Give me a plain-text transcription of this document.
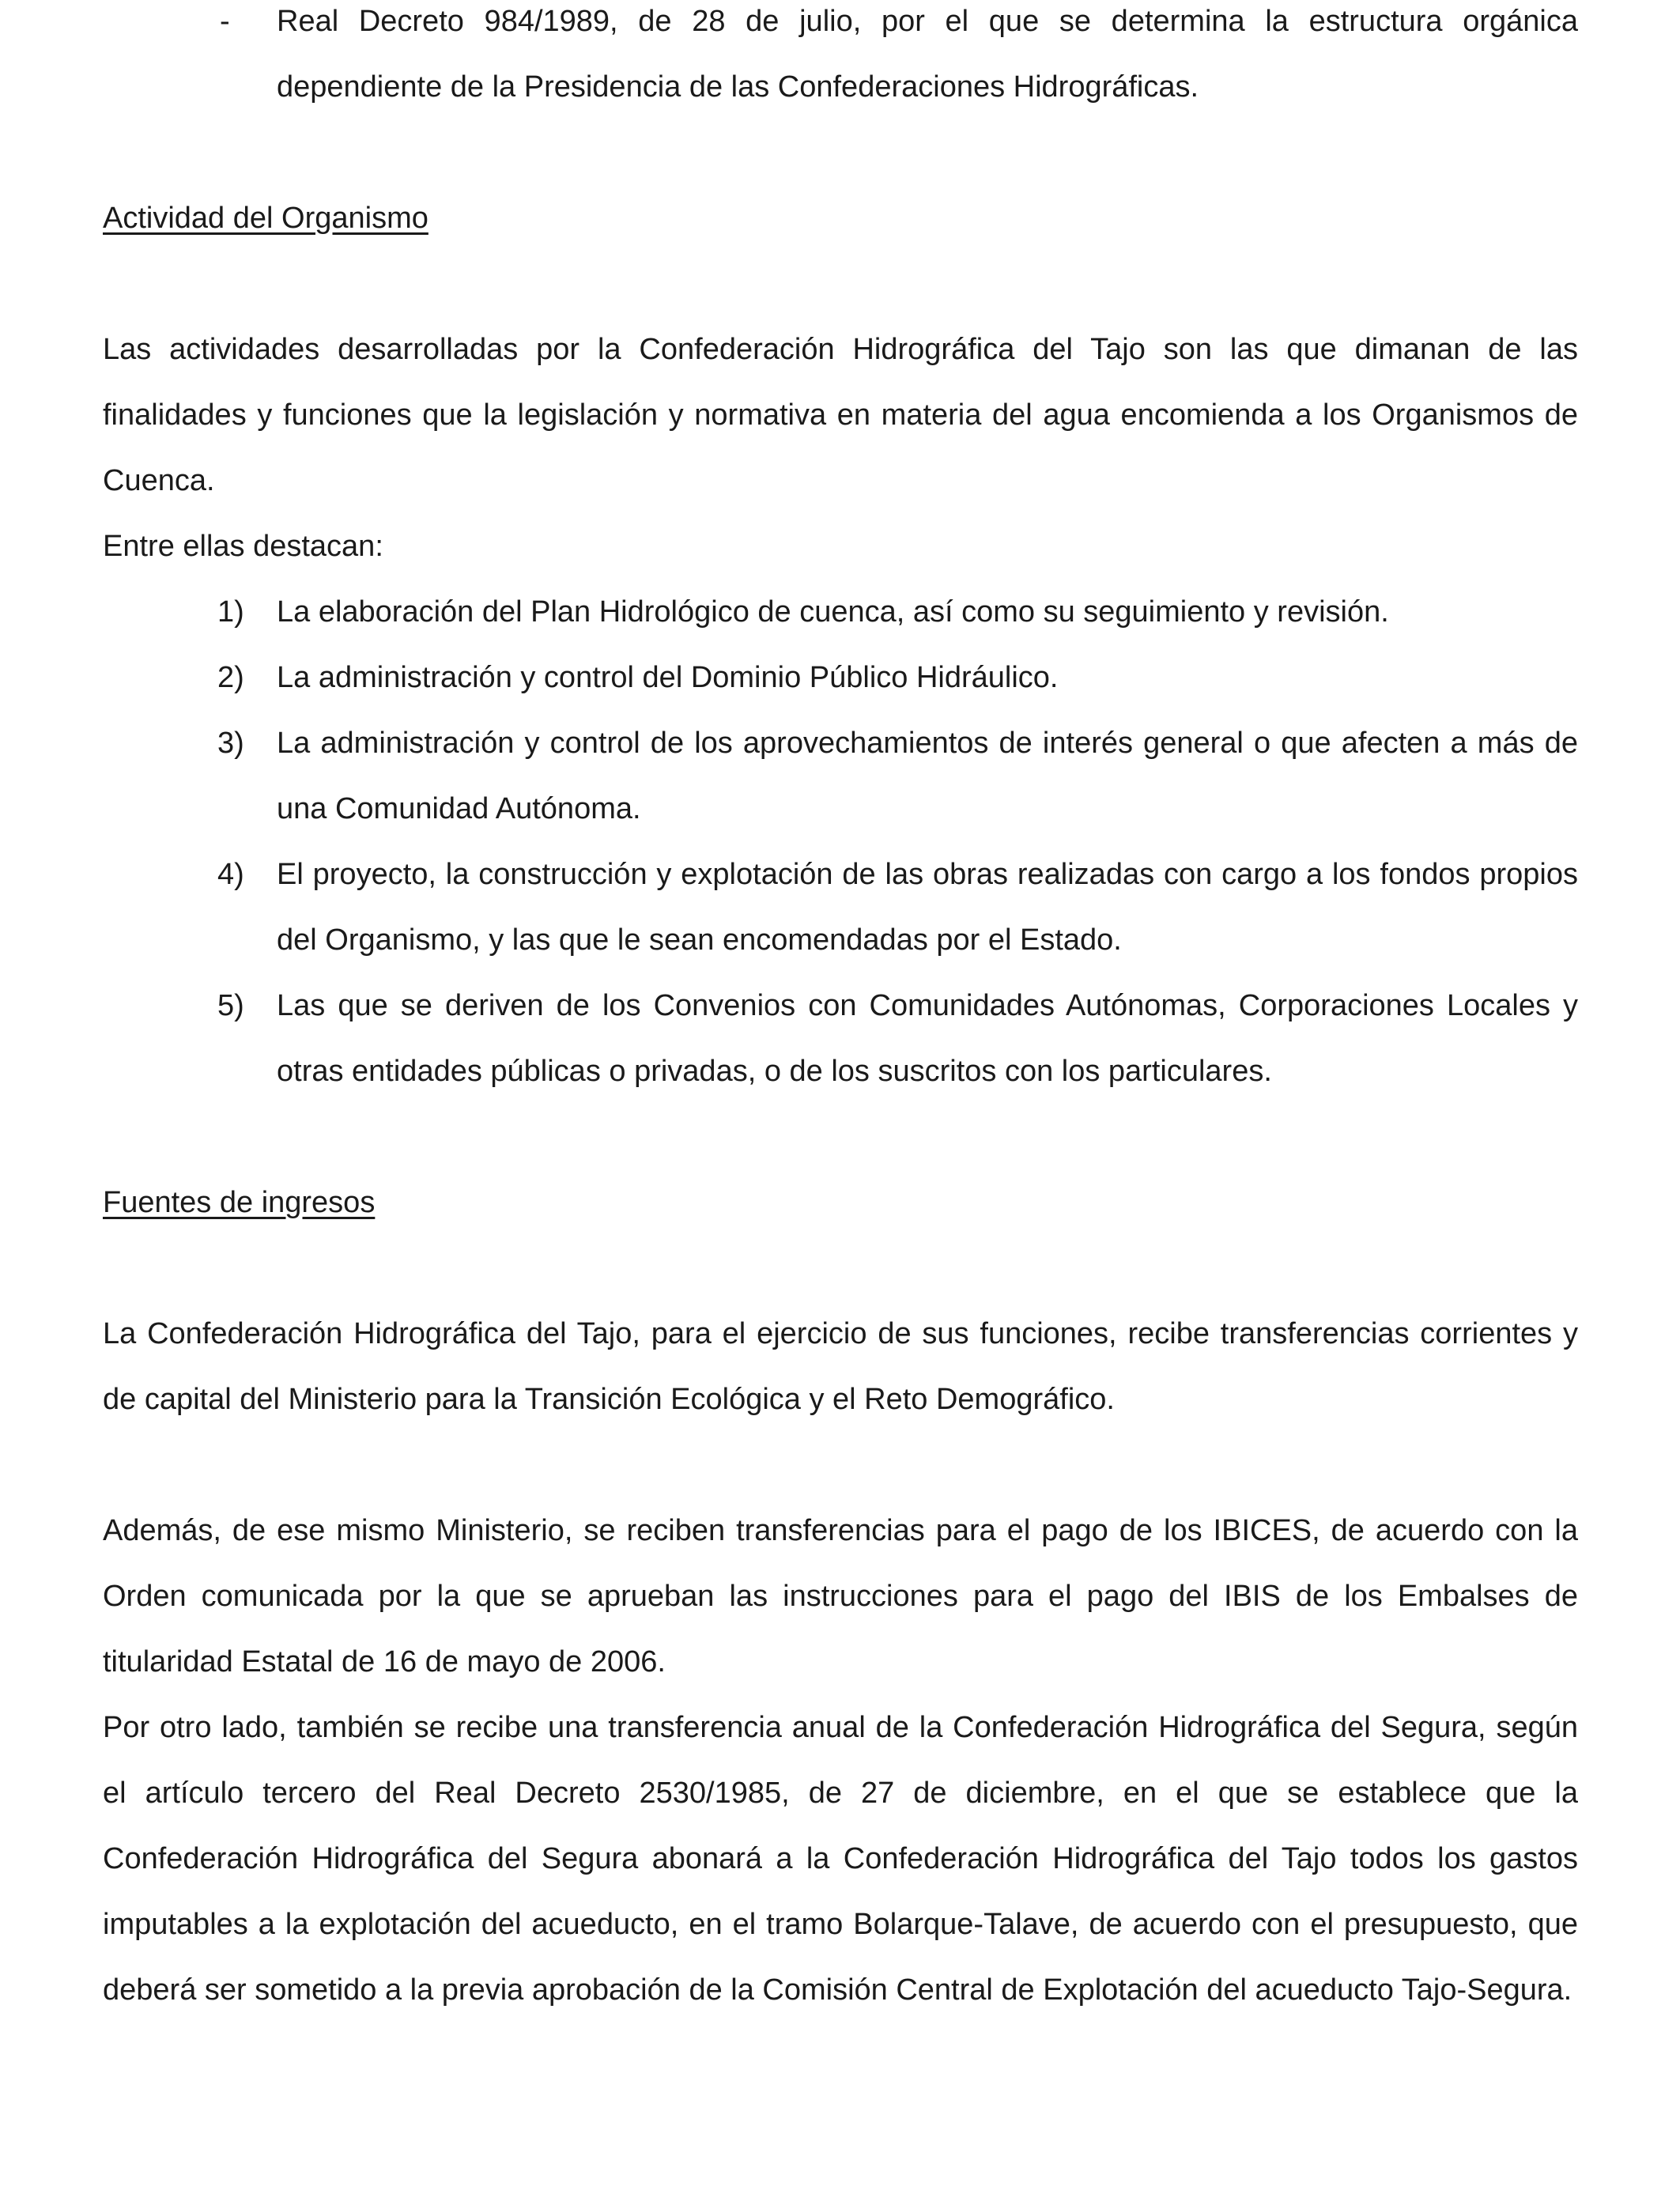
- Real Decreto 984/1989, de 28 de julio, por el que se determina la estructura orgánica dependiente de la Presidencia de las Confederaciones Hidrográficas.
Actividad del Organismo
Las actividades desarrolladas por la Confederación Hidrográfica del Tajo son las que dimanan de las finalidades y funciones que la legislación y normativa en materia del agua encomienda a los Organismos de Cuenca.
Entre ellas destacan:
1) La elaboración del Plan Hidrológico de cuenca, así como su seguimiento y revisión.
2) La administración y control del Dominio Público Hidráulico.
3) La administración y control de los aprovechamientos de interés general o que afecten a más de una Comunidad Autónoma.
4) El proyecto, la construcción y explotación de las obras realizadas con cargo a los fondos propios del Organismo, y las que le sean encomendadas por el Estado.
5) Las que se deriven de los Convenios con Comunidades Autónomas, Corporaciones Locales y otras entidades públicas o privadas, o de los suscritos con los particulares.
Fuentes de ingresos
La Confederación Hidrográfica del Tajo, para el ejercicio de sus funciones, recibe transferencias corrientes y de capital del Ministerio para la Transición Ecológica y el Reto Demográfico.
Además, de ese mismo Ministerio, se reciben transferencias para el pago de los IBICES, de acuerdo con la Orden comunicada por la que se aprueban las instrucciones para el pago del IBIS de los Embalses de titularidad Estatal de 16 de mayo de 2006.
Por otro lado, también se recibe una transferencia anual de la Confederación Hidrográfica del Segura, según el artículo tercero del Real Decreto 2530/1985, de 27 de diciembre, en el que se establece que la Confederación Hidrográfica del Segura abonará a la Confederación Hidrográfica del Tajo todos los gastos imputables a la explotación del acueducto, en el tramo Bolarque-Talave, de acuerdo con el presupuesto, que deberá ser sometido a la previa aprobación de la Comisión Central de Explotación del acueducto Tajo-Segura.
